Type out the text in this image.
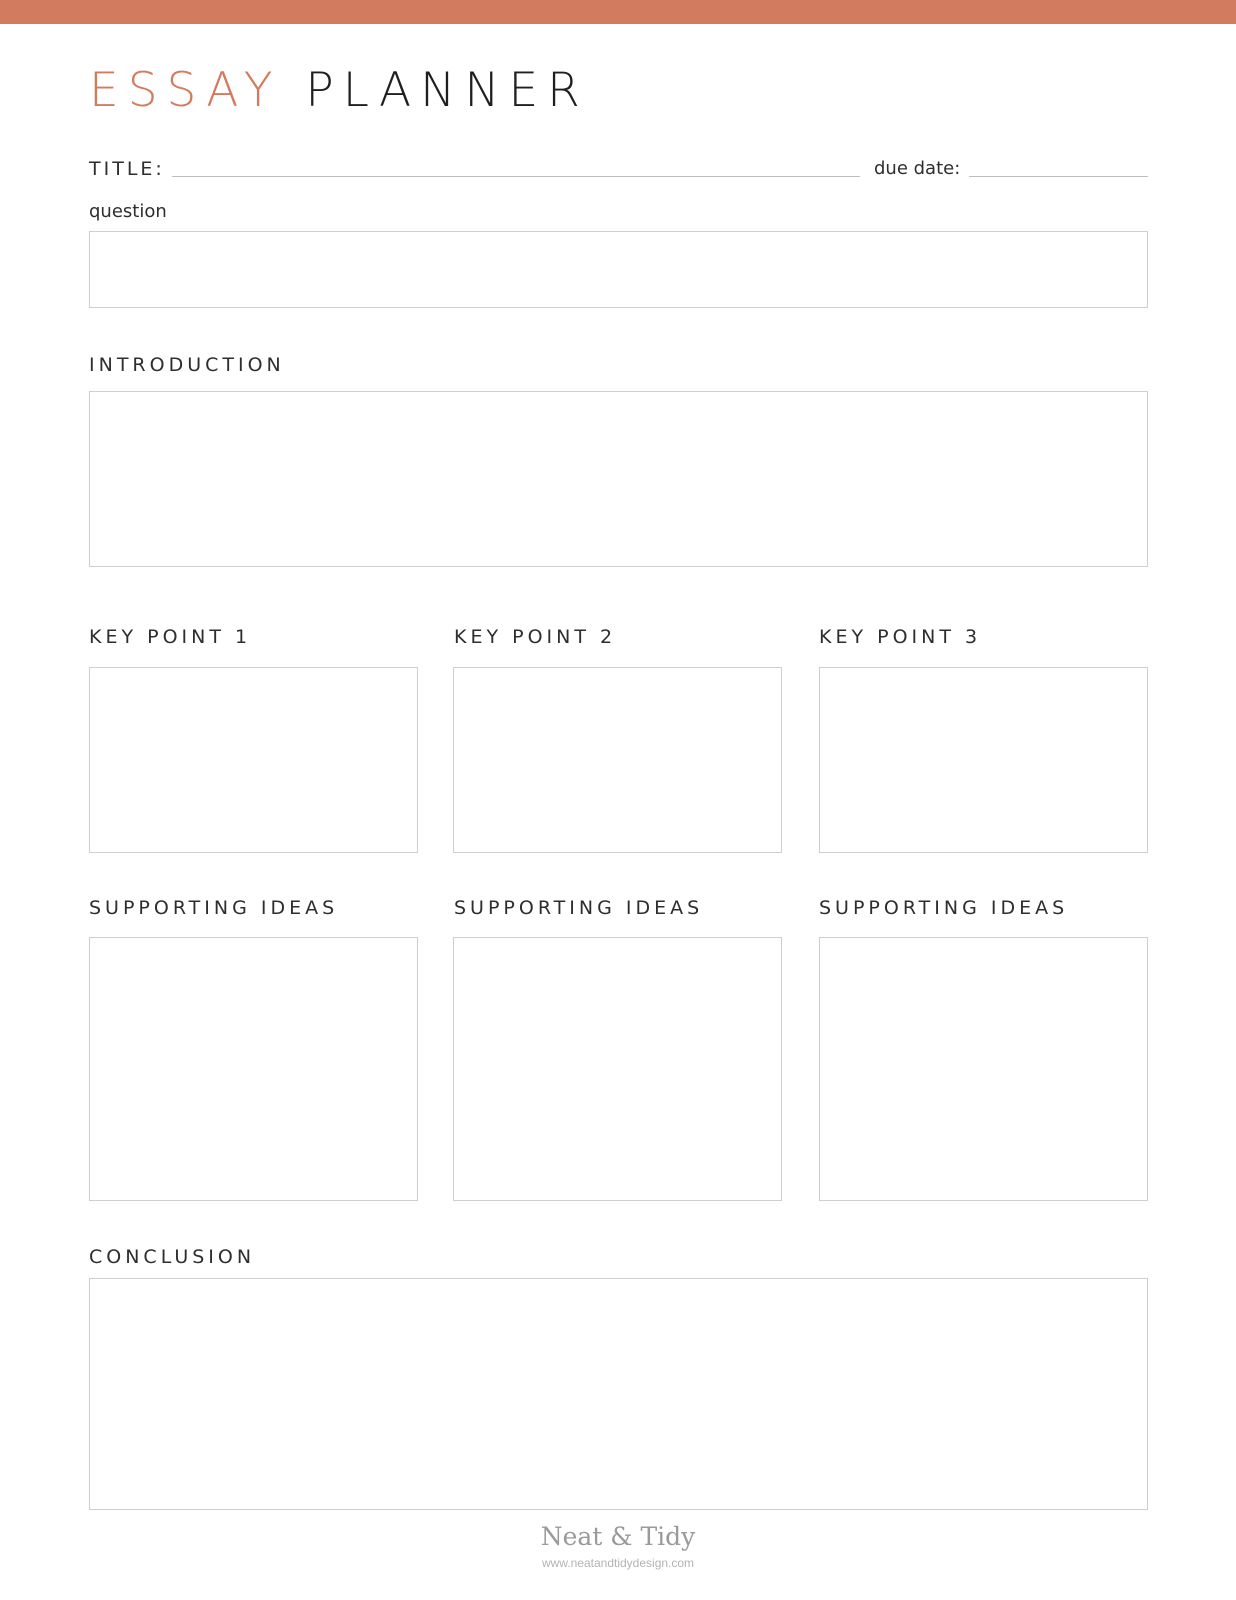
ESSAY PLANNER

TITLE:	due date:

question

INTRODUCTION

KEY POINT 1	KEY POINT 2	KEY POINT 3

SUPPORTING IDEAS	SUPPORTING IDEAS	SUPPORTING IDEAS

CONCLUSION

Neat & Tidy
www.neatandtidydesign.com
